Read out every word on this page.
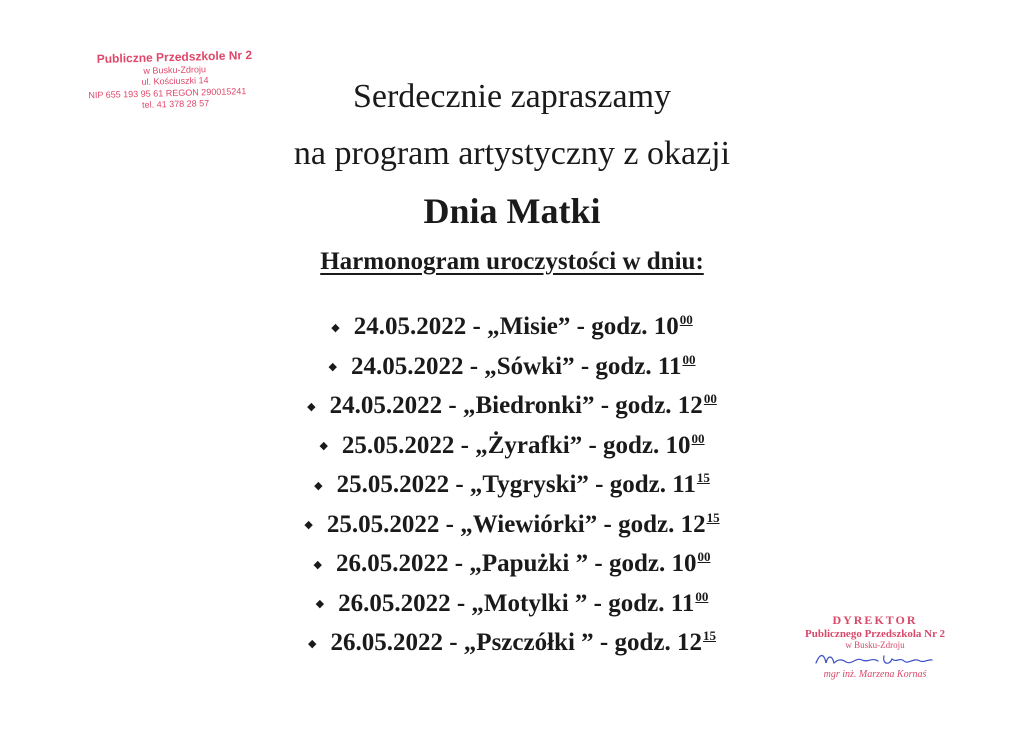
Publiczne Przedszkole Nr 2
w Busku-Zdroju
ul. Kościuszki 14
NIP 655 193 95 61 REGON 290015241
tel. 41 378 28 57	Serdecznie zapraszamy
na program artystyczny z okazji
Dnia Matki
Harmonogram uroczystości w dniu:
◆ 24.05.2022 - „Misie” - godz. $10^{00}$
◆ 24.05.2022 - „Sówki” - godz. $11^{00}$
◆ 24.05.2022 - „Biedronki” - godz. $12^{00}$
◆ 25.05.2022 - „Żyrafki” - godz. $10^{00}$
◆ 25.05.2022 - „Tygryski” - godz. $11^{15}$
◆ 25.05.2022 - „Wiewiórki” - godz. $12^{15}$
◆ 26.05.2022 - „Papużki ” - godz. $10^{00}$
◆ 26.05.2022 - „Motylki ” - godz. $11^{00}$
◆ 26.05.2022 - „Pszczółki ” - godz. $12^{15}$
DYREKTOR
Publicznego Przedszkola Nr 2
w Busku-Zdroju
mgr inż. Marzena Kornaś
